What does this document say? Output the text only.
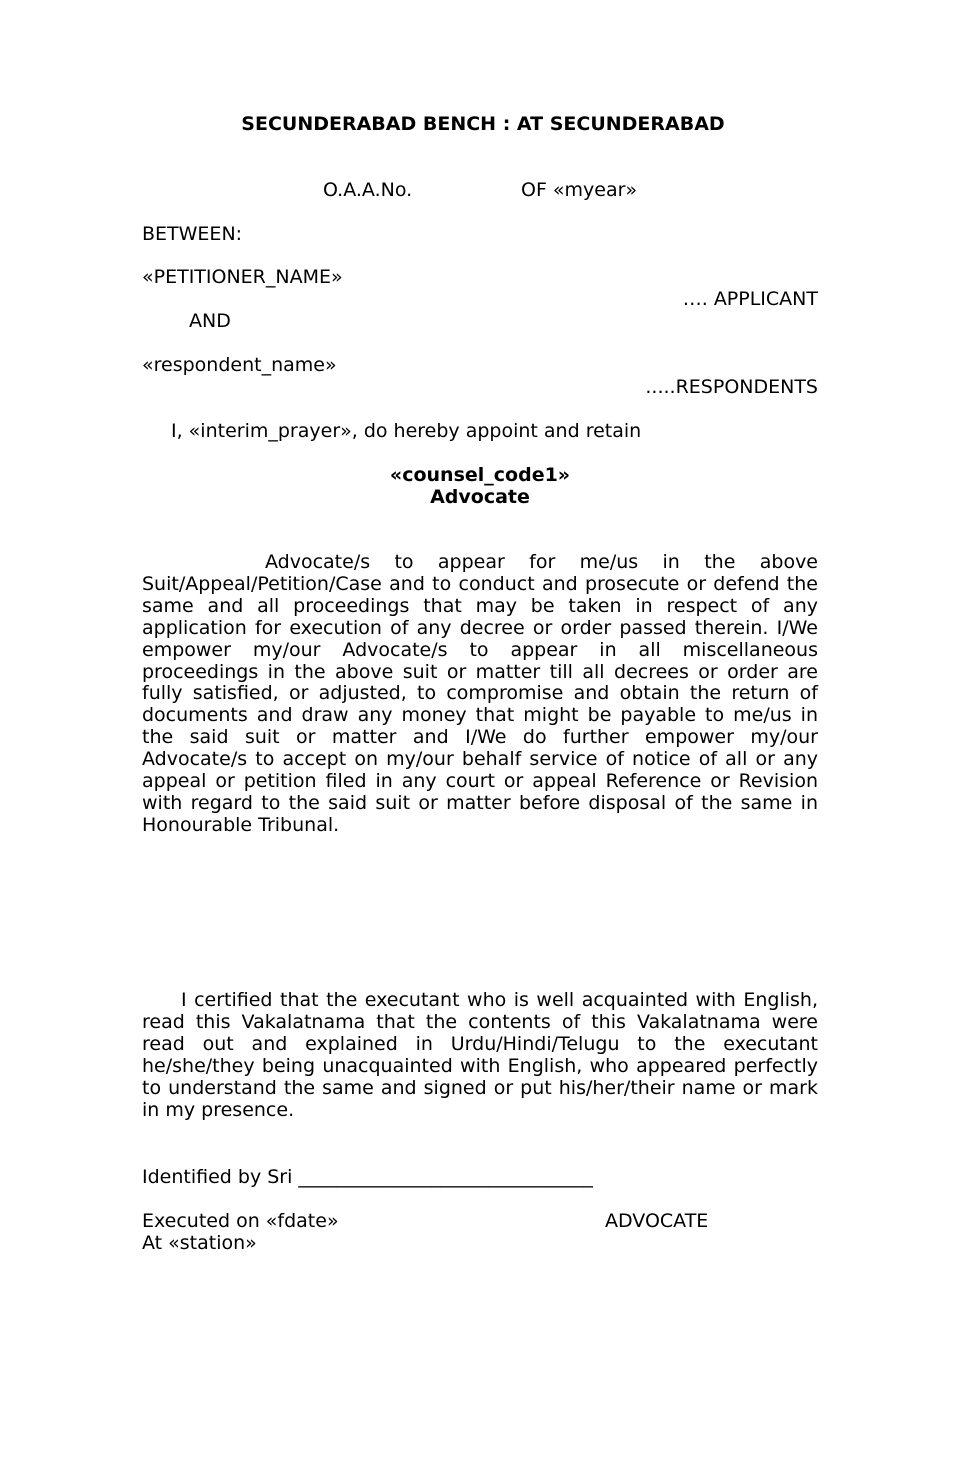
SECUNDERABAD BENCH : AT SECUNDERABAD
O.A.A.No.	OF «myear»
BETWEEN:
«PETITIONER_NAME»
…. APPLICANT
AND
«respondent_name»
.....RESPONDENTS
I, «interim_prayer», do hereby appoint and retain
«counsel_code1»
Advocate
Advocate/s to appear for me/us in the above Suit/Appeal/Petition/Case and to conduct and prosecute or defend the same and all proceedings that may be taken in respect of any application for execution of any decree or order passed therein. I/We empower my/our Advocate/s to appear in all miscellaneous proceedings in the above suit or matter till all decrees or order are fully satisfied, or adjusted, to compromise and obtain the return of documents and draw any money that might be payable to me/us in the said suit or matter and I/We do further empower my/our Advocate/s to accept on my/our behalf service of notice of all or any appeal or petition filed in any court or appeal Reference or Revision with regard to the said suit or matter before disposal of the same in Honourable Tribunal.
I certified that the executant who is well acquainted with English, read this Vakalatnama that the contents of this Vakalatnama were read out and explained in Urdu/Hindi/Telugu to the executant he/she/they being unacquainted with English, who appeared perfectly to understand the same and signed or put his/her/their name or mark in my presence.
Identified by Sri _______________________________
Executed on «fdate»	ADVOCATE
At «station»
